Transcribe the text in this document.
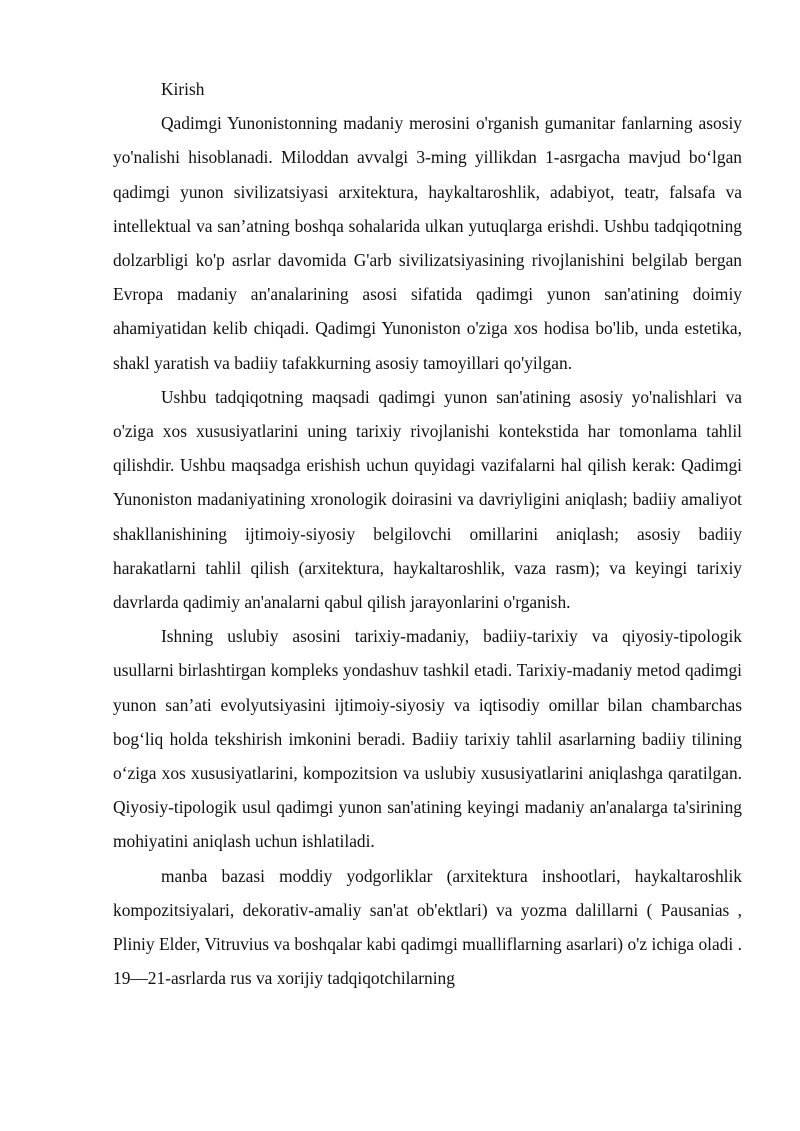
Kirish

Qadimgi Yunonistonning madaniy merosini o'rganish gumanitar fanlarning asosiy yo'nalishi hisoblanadi. Miloddan avvalgi 3-ming yillikdan 1-asrgacha mavjud bo‘lgan qadimgi yunon sivilizatsiyasi arxitektura, haykaltaroshlik, adabiyot, teatr, falsafa va intellektual va san’atning boshqa sohalarida ulkan yutuqlarga erishdi. Ushbu tadqiqotning dolzarbligi ko'p asrlar davomida G'arb sivilizatsiyasining rivojlanishini belgilab bergan Evropa madaniy an'analarining asosi sifatida qadimgi yunon san'atining doimiy ahamiyatidan kelib chiqadi. Qadimgi Yunoniston o'ziga xos hodisa bo'lib, unda estetika, shakl yaratish va badiiy tafakkurning asosiy tamoyillari qo'yilgan.

Ushbu tadqiqotning maqsadi qadimgi yunon san'atining asosiy yo'nalishlari va o'ziga xos xususiyatlarini uning tarixiy rivojlanishi kontekstida har tomonlama tahlil qilishdir. Ushbu maqsadga erishish uchun quyidagi vazifalarni hal qilish kerak: Qadimgi Yunoniston madaniyatining xronologik doirasini va davriyligini aniqlash; badiiy amaliyot shakllanishining ijtimoiy-siyosiy belgilovchi omillarini aniqlash; asosiy badiiy harakatlarni tahlil qilish (arxitektura, haykaltaroshlik, vaza rasm); va keyingi tarixiy davrlarda qadimiy an'analarni qabul qilish jarayonlarini o'rganish.

Ishning uslubiy asosini tarixiy-madaniy, badiiy-tarixiy va qiyosiy-tipologik usullarni birlashtirgan kompleks yondashuv tashkil etadi. Tarixiy-madaniy metod qadimgi yunon san’ati evolyutsiyasini ijtimoiy-siyosiy va iqtisodiy omillar bilan chambarchas bog‘liq holda tekshirish imkonini beradi. Badiiy tarixiy tahlil asarlarning badiiy tilining o‘ziga xos xususiyatlarini, kompozitsion va uslubiy xususiyatlarini aniqlashga qaratilgan. Qiyosiy-tipologik usul qadimgi yunon san'atining keyingi madaniy an'analarga ta'sirining mohiyatini aniqlash uchun ishlatiladi.

manba bazasi moddiy yodgorliklar (arxitektura inshootlari, haykaltaroshlik kompozitsiyalari, dekorativ-amaliy san'at ob'ektlari) va yozma dalillarni ( Pausanias , Pliniy Elder, Vitruvius va boshqalar kabi qadimgi mualliflarning asarlari) o'z ichiga oladi . 19—21-asrlarda rus va xorijiy tadqiqotchilarning
